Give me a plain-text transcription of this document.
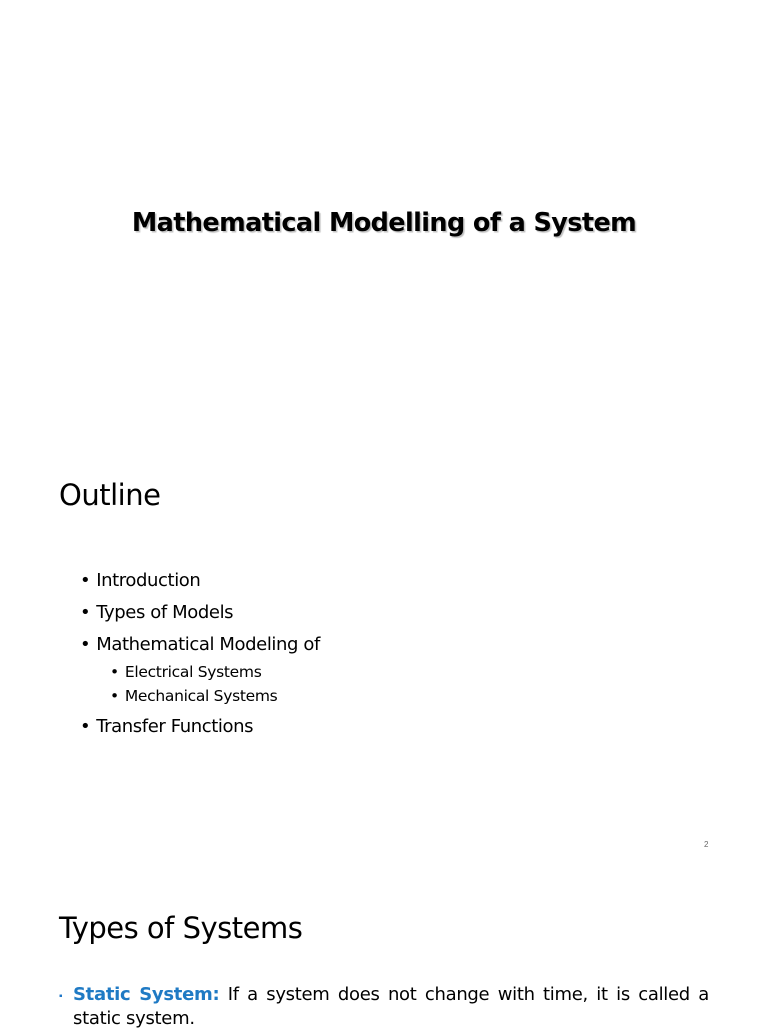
Mathematical Modelling of a System
Outline
• Introduction
• Types of Models
• Mathematical Modeling of
• Electrical Systems
• Mechanical Systems
• Transfer Functions
2
Types of Systems
▪ Static System: If a system does not change with time, it is called a static system.
